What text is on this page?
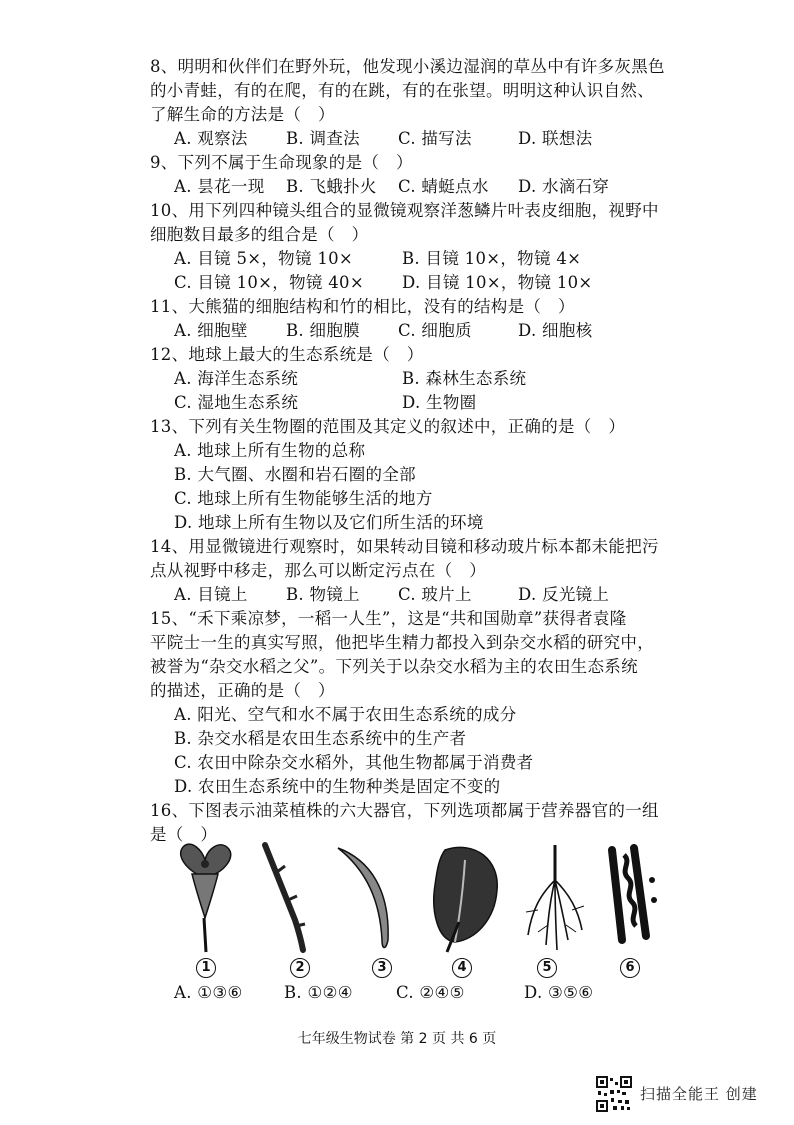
8、明明和伙伴们在野外玩，他发现小溪边湿润的草丛中有许多灰黑色
的小青蛙，有的在爬，有的在跳，有的在张望。明明这种认识自然、
了解生命的方法是（　）
A. 观察法 B. 调查法 C. 描写法	D. 联想法
9、下列不属于生命现象的是（　）
A. 昙花一现 B. 飞蛾扑火 C. 蜻蜓点水 D. 水滴石穿
10、用下列四种镜头组合的显微镜观察洋葱鳞片叶表皮细胞，视野中
细胞数目最多的组合是（　）
A. 目镜 5×，物镜 10×	B. 目镜 10×，物镜 4×
C. 目镜 10×，物镜 40× D. 目镜 10×，物镜 10×
11、大熊猫的细胞结构和竹的相比，没有的结构是（　）
A. 细胞壁 B. 细胞膜 C. 细胞质	D. 细胞核
12、地球上最大的生态系统是（　）
A. 海洋生态系统	B. 森林生态系统
C. 湿地生态系统	D. 生物圈
13、下列有关生物圈的范围及其定义的叙述中，正确的是（　）
A. 地球上所有生物的总称
B. 大气圈、水圈和岩石圈的全部
C. 地球上所有生物能够生活的地方
D. 地球上所有生物以及它们所生活的环境
14、用显微镜进行观察时，如果转动目镜和移动玻片标本都未能把污
点从视野中移走，那么可以断定污点在（　）
A. 目镜上 B. 物镜上 C. 玻片上	D. 反光镜上
15、“禾下乘凉梦，一稻一人生”，这是“共和国勋章”获得者袁隆
平院士一生的真实写照，他把毕生精力都投入到杂交水稻的研究中，
被誉为“杂交水稻之父”。下列关于以杂交水稻为主的农田生态系统
的描述，正确的是（　）
A. 阳光、空气和水不属于农田生态系统的成分
B. 杂交水稻是农田生态系统中的生产者
C. 农田中除杂交水稻外，其他生物都属于消费者
D. 农田生态系统中的生物种类是固定不变的
16、下图表示油菜植株的六大器官，下列选项都属于营养器官的一组
是（　）
1	2	3	4	5	6
A. ①③⑥	B. ①②④	C. ②④⑤	D. ③⑤⑥
七年级生物试卷 第 2 页 共 6 页
扫描全能王 创建
